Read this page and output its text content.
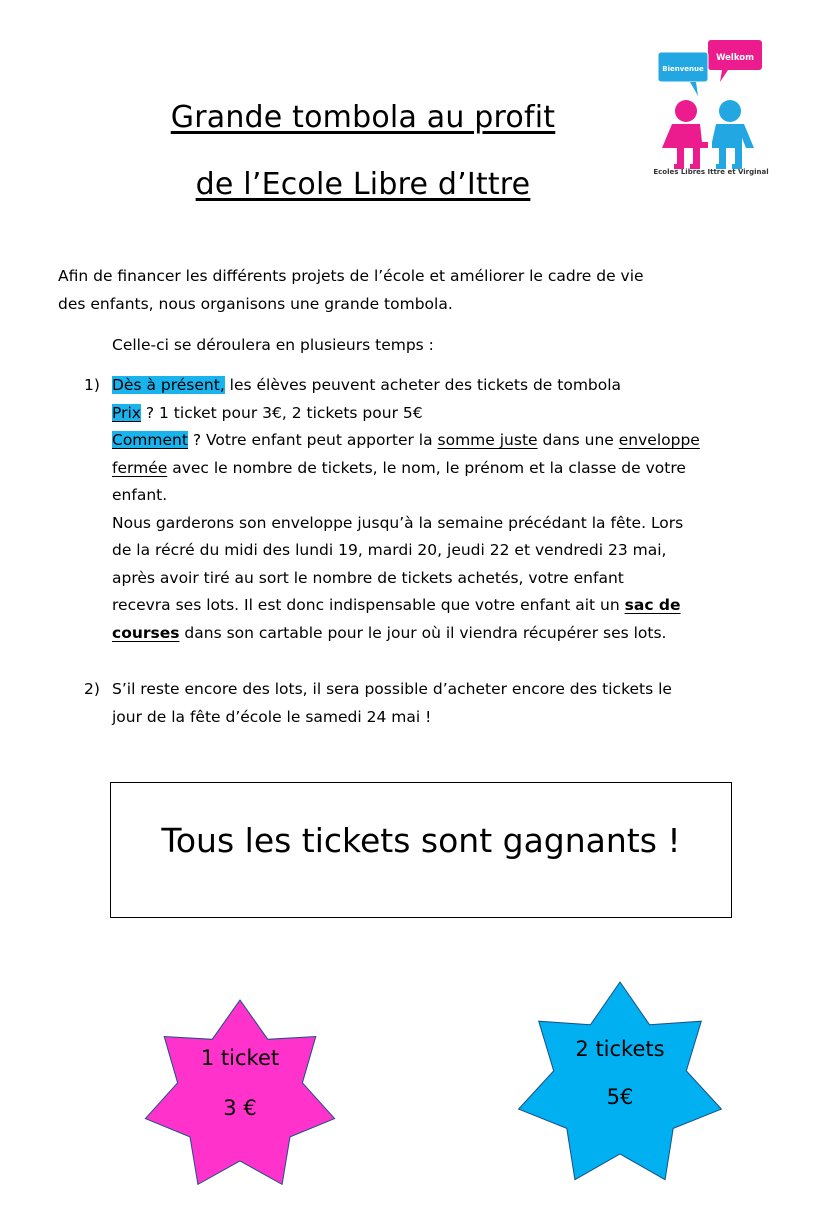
Grande tombola au profit
de l’Ecole Libre d’Ittre
Welkom
Bienvenue
Ecoles Libres Ittre et Virginal
Afin de financer les différents projets de l’école et améliorer le cadre de vie
des enfants, nous organisons une grande tombola.
Celle-ci se déroulera en plusieurs temps :
1) Dès à présent, les élèves peuvent acheter des tickets de tombola
Prix ? 1 ticket pour 3€, 2 tickets pour 5€
Comment ? Votre enfant peut apporter la somme juste dans une enveloppe
fermée avec le nombre de tickets, le nom, le prénom et la classe de votre
enfant.
Nous garderons son enveloppe jusqu’à la semaine précédant la fête. Lors
de la récré du midi des lundi 19, mardi 20, jeudi 22 et vendredi 23 mai,
après avoir tiré au sort le nombre de tickets achetés, votre enfant
recevra ses lots. Il est donc indispensable que votre enfant ait un sac de
courses dans son cartable pour le jour où il viendra récupérer ses lots.
2) S’il reste encore des lots, il sera possible d’acheter encore des tickets le
jour de la fête d’école le samedi 24 mai !
Tous les tickets sont gagnants !
1 ticket
3 €
2 tickets
5€
